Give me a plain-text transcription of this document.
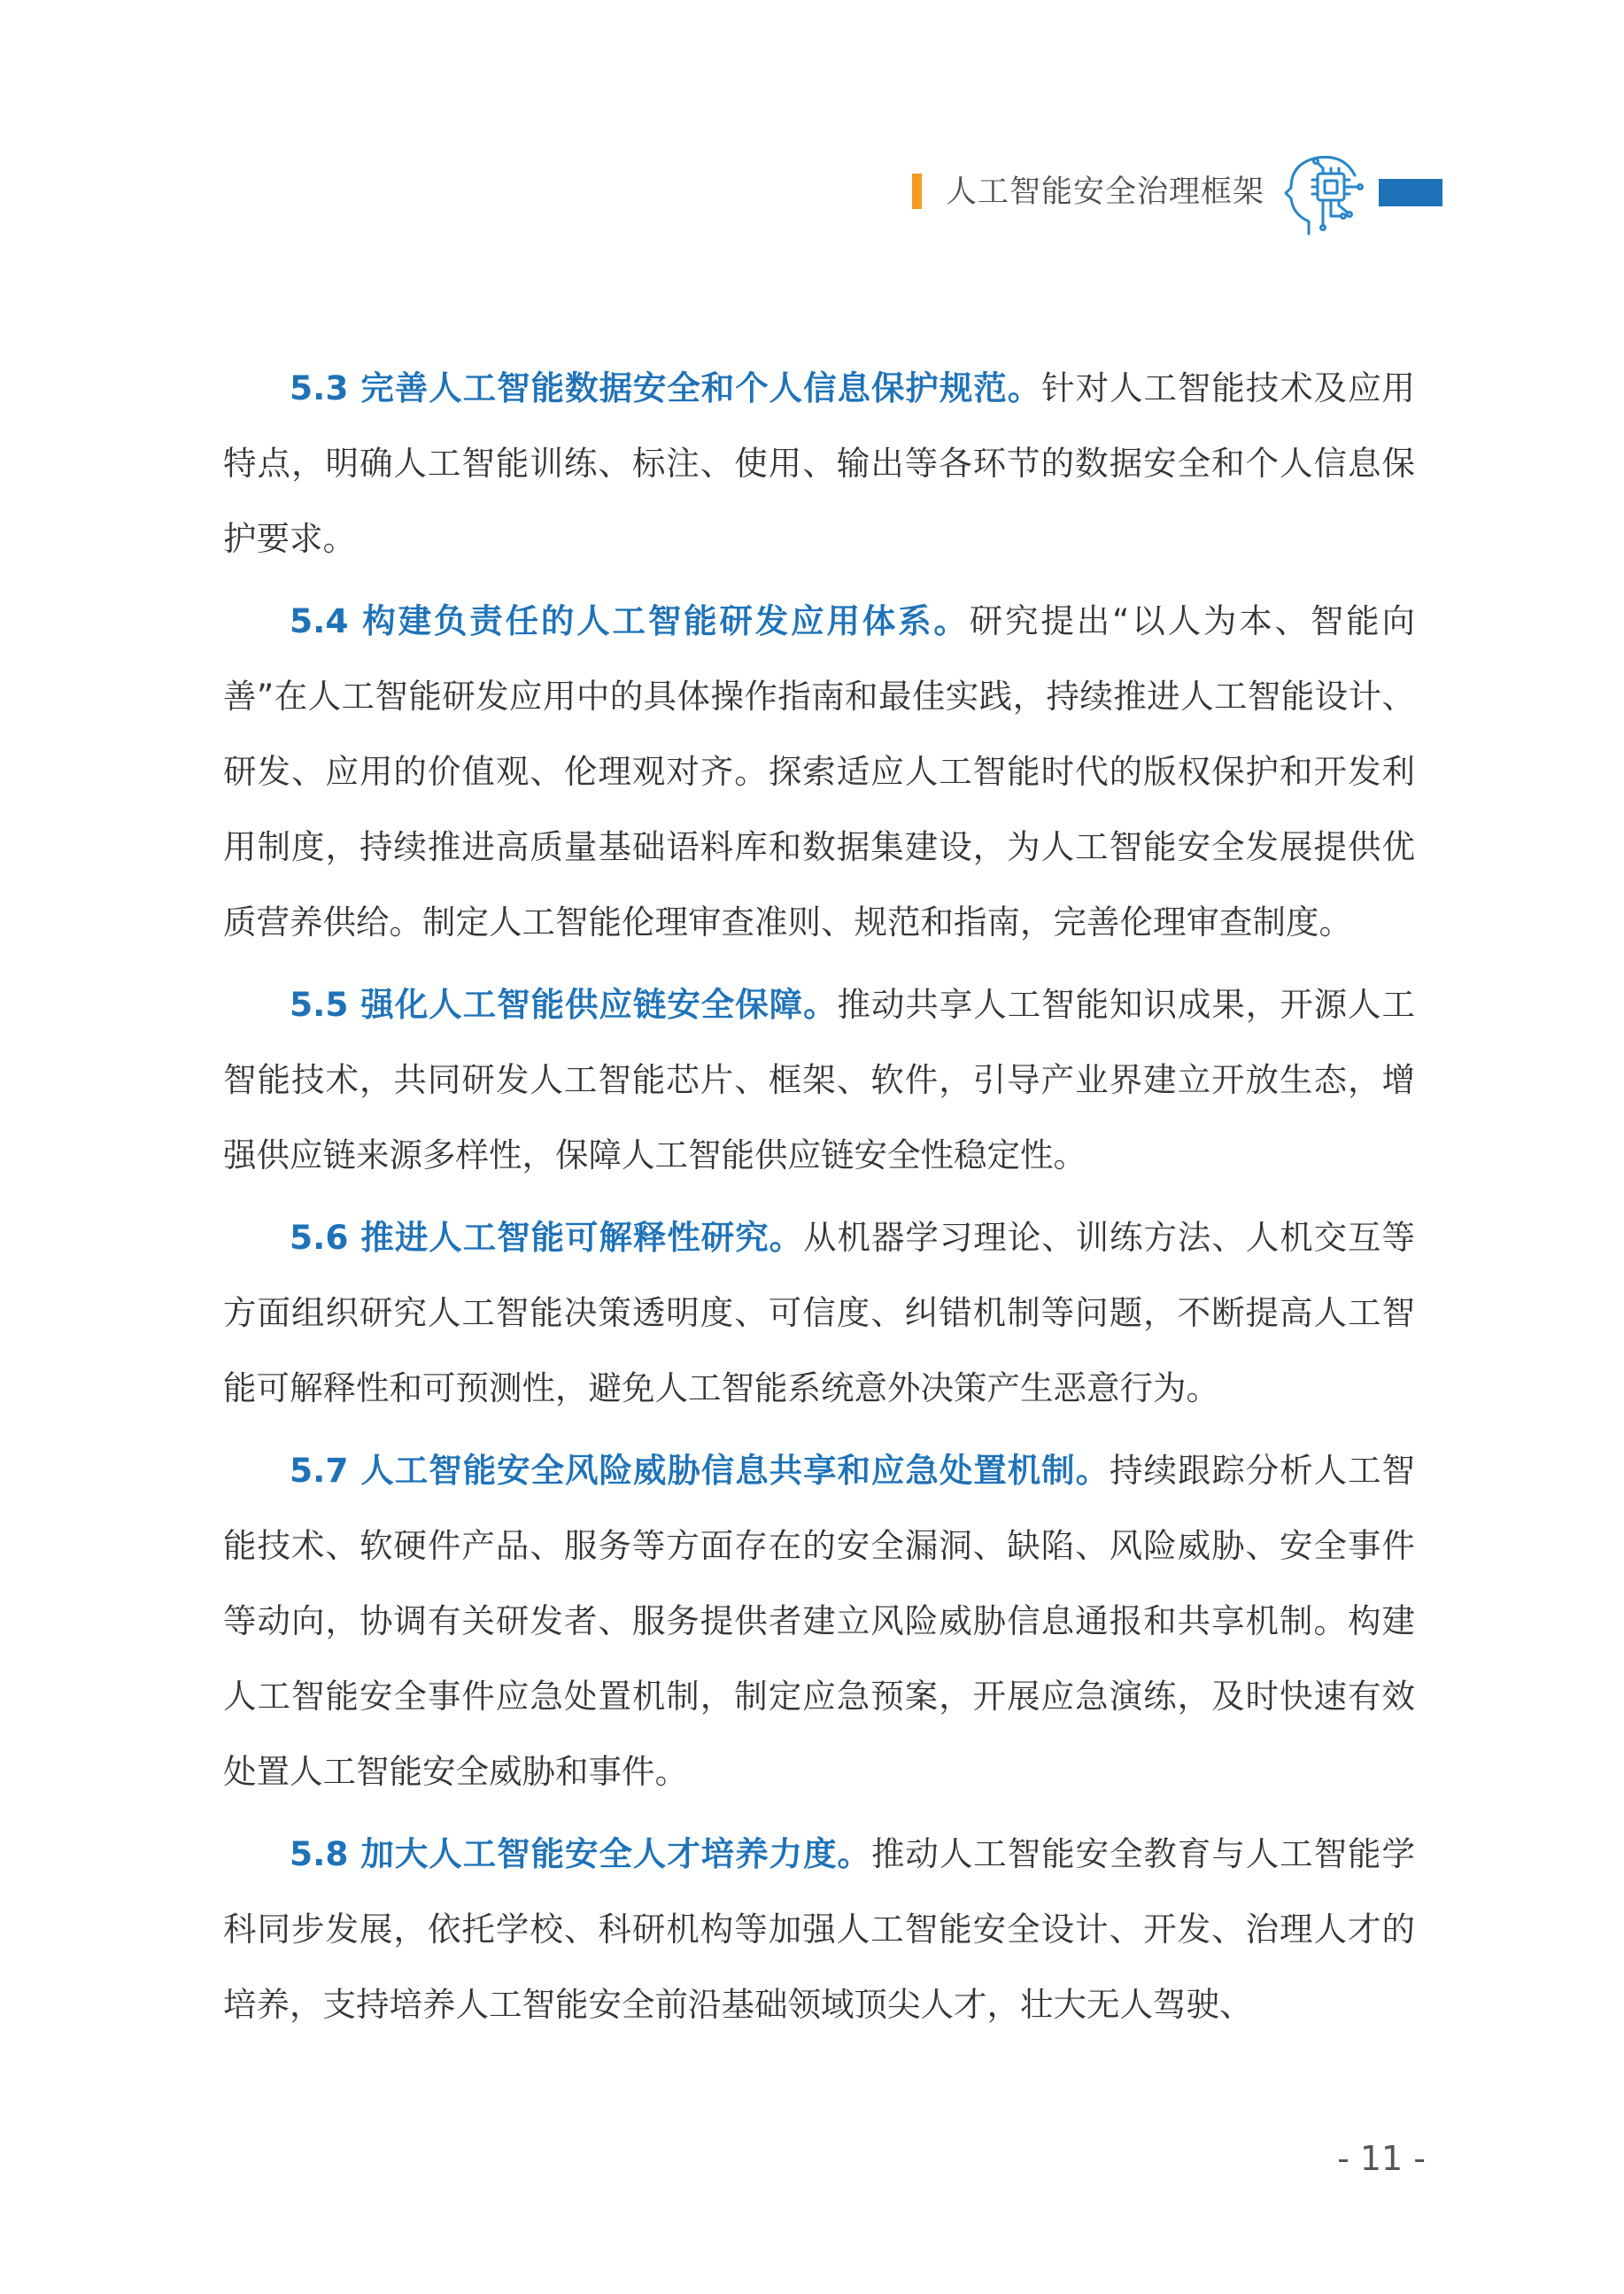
人工智能安全治理框架

5.3 完善人工智能数据安全和个人信息保护规范。针对人工智能技术及应用特点，明确人工智能训练、标注、使用、输出等各环节的数据安全和个人信息保护要求。

5.4 构建负责任的人工智能研发应用体系。研究提出“以人为本、智能向善”在人工智能研发应用中的具体操作指南和最佳实践，持续推进人工智能设计、研发、应用的价值观、伦理观对齐。探索适应人工智能时代的版权保护和开发利用制度，持续推进高质量基础语料库和数据集建设，为人工智能安全发展提供优质营养供给。制定人工智能伦理审查准则、规范和指南，完善伦理审查制度。

5.5 强化人工智能供应链安全保障。推动共享人工智能知识成果，开源人工智能技术，共同研发人工智能芯片、框架、软件，引导产业界建立开放生态，增强供应链来源多样性，保障人工智能供应链安全性稳定性。

5.6 推进人工智能可解释性研究。从机器学习理论、训练方法、人机交互等方面组织研究人工智能决策透明度、可信度、纠错机制等问题，不断提高人工智能可解释性和可预测性，避免人工智能系统意外决策产生恶意行为。

5.7 人工智能安全风险威胁信息共享和应急处置机制。持续跟踪分析人工智能技术、软硬件产品、服务等方面存在的安全漏洞、缺陷、风险威胁、安全事件等动向，协调有关研发者、服务提供者建立风险威胁信息通报和共享机制。构建人工智能安全事件应急处置机制，制定应急预案，开展应急演练，及时快速有效处置人工智能安全威胁和事件。

5.8 加大人工智能安全人才培养力度。推动人工智能安全教育与人工智能学科同步发展，依托学校、科研机构等加强人工智能安全设计、开发、治理人才的培养，支持培养人工智能安全前沿基础领域顶尖人才，壮大无人驾驶、

- 11 -
